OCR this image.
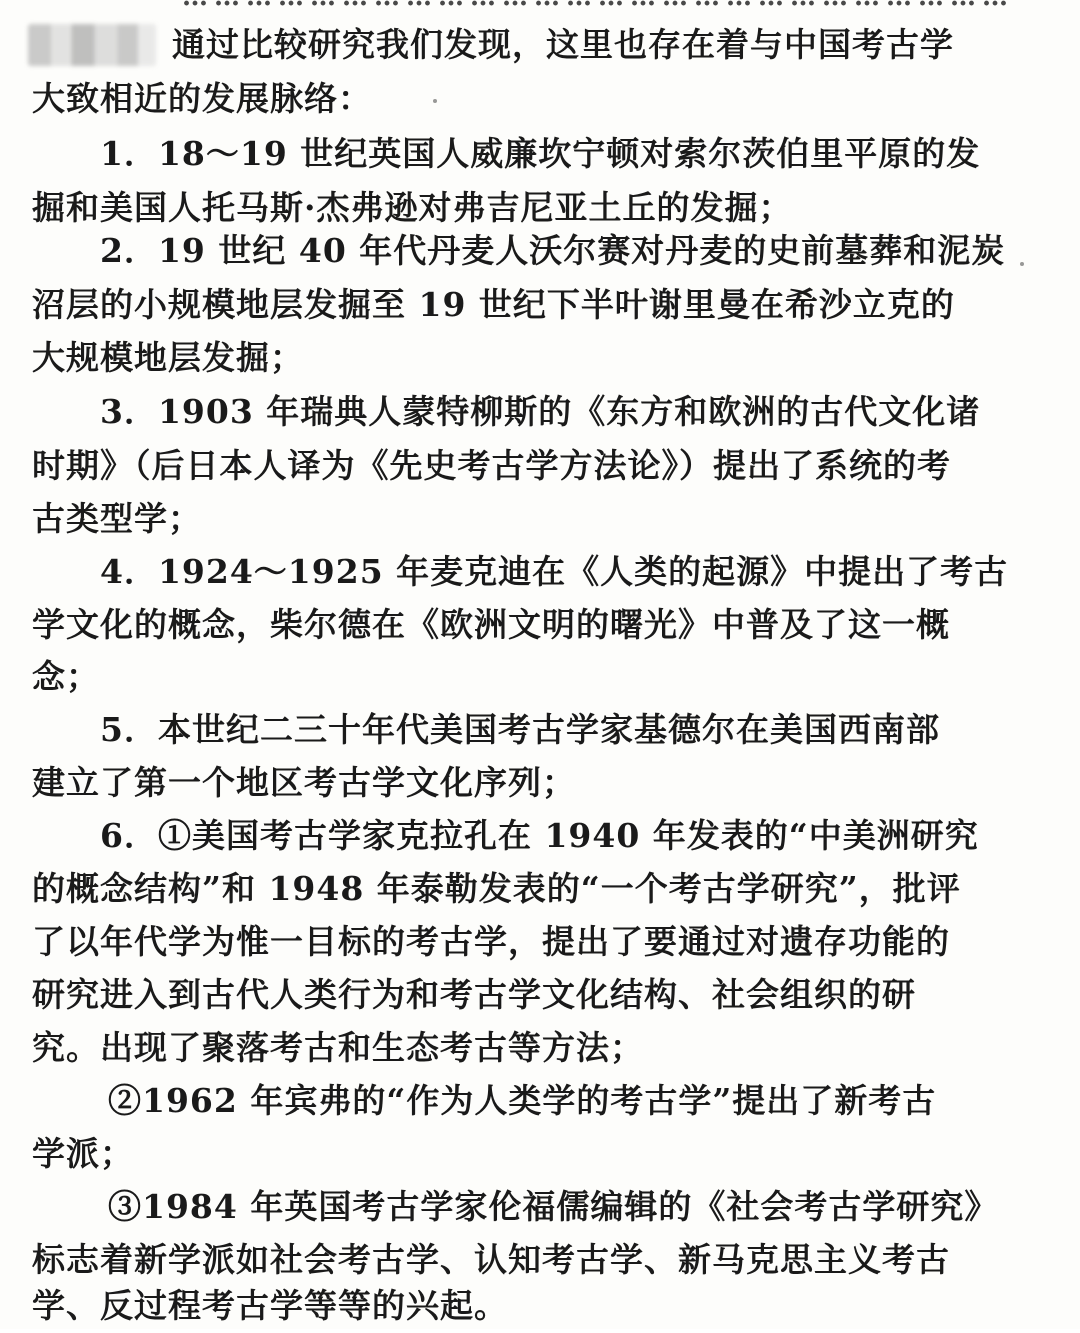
通过比较研究我们发现，这里也存在着与中国考古学
大致相近的发展脉络：
1．18～19 世纪英国人威廉坎宁顿对索尔茨伯里平原的发
掘和美国人托马斯·杰弗逊对弗吉尼亚土丘的发掘；
2．19 世纪 40 年代丹麦人沃尔赛对丹麦的史前墓葬和泥炭
沼层的小规模地层发掘至 19 世纪下半叶谢里曼在希沙立克的
大规模地层发掘；
3．1903 年瑞典人蒙特柳斯的《东方和欧洲的古代文化诸
时期》（后日本人译为《先史考古学方法论》）提出了系统的考
古类型学；
4．1924～1925 年麦克迪在《人类的起源》中提出了考古
学文化的概念，柴尔德在《欧洲文明的曙光》中普及了这一概
念；
5．本世纪二三十年代美国考古学家基德尔在美国西南部
建立了第一个地区考古学文化序列；
6．①美国考古学家克拉孔在 1940 年发表的“中美洲研究
的概念结构”和 1948 年泰勒发表的“一个考古学研究”，批评
了以年代学为惟一目标的考古学，提出了要通过对遗存功能的
研究进入到古代人类行为和考古学文化结构、社会组织的研
究。出现了聚落考古和生态考古等方法；
②1962 年宾弗的“作为人类学的考古学”提出了新考古
学派；
③1984 年英国考古学家伦福儒编辑的《社会考古学研究》
标志着新学派如社会考古学、认知考古学、新马克思主义考古
学、反过程考古学等等的兴起。
